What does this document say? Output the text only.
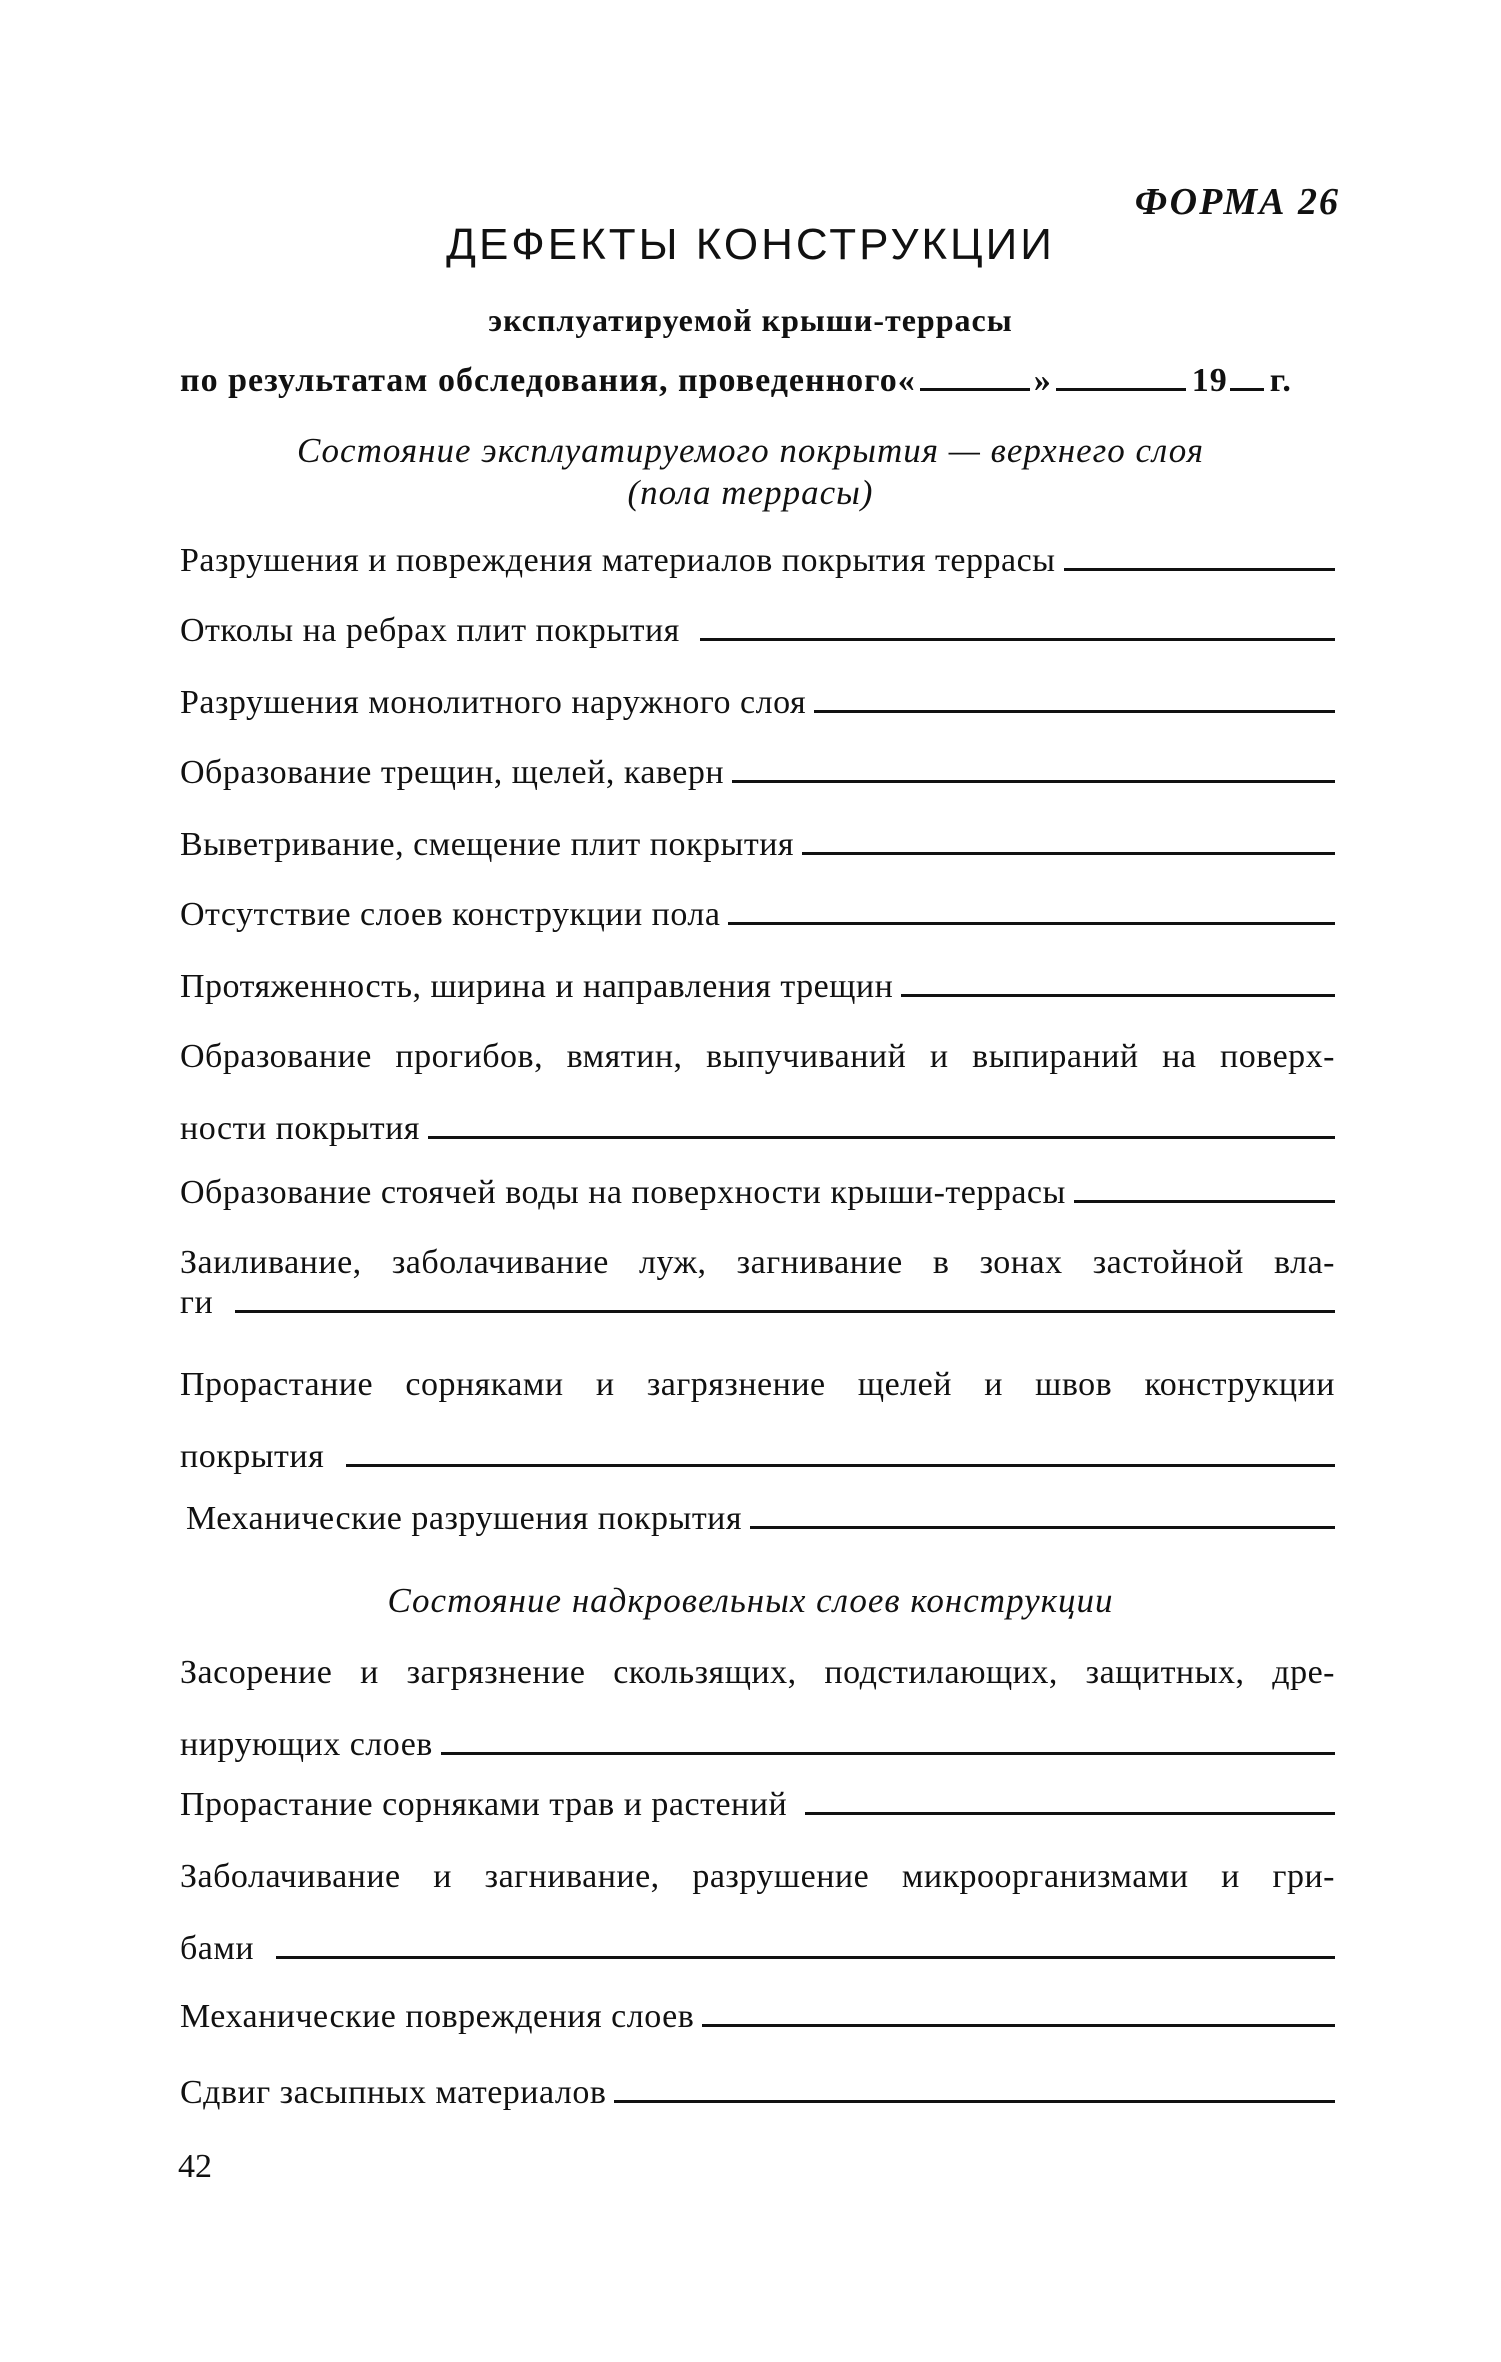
ФОРМА 26
ДЕФЕКТЫ КОНСТРУКЦИИ
эксплуатируемой крыши-террасы
по результатам обследования, проведенного «	»	19 г.
Состояние эксплуатируемого покрытия — верхнего слоя
(пола террасы)
Разрушения и повреждения материалов покрытия террасы
Отколы на ребрах плит покрытия
Разрушения монолитного наружного слоя
Образование трещин, щелей, каверн
Выветривание, смещение плит покрытия
Отсутствие слоев конструкции пола
Протяженность, ширина и направления трещин
Образование прогибов, вмятин, выпучиваний и выпираний на поверх-
ности покрытия
Образование стоячей воды на поверхности крыши-террасы
Заиливание, заболачивание луж, загнивание в зонах застойной вла-
ги
Прорастание сорняками и загрязнение щелей и швов конструкции
покрытия
Механические разрушения покрытия
Состояние надкровельных слоев конструкции
Засорение и загрязнение скользящих, подстилающих, защитных, дре-
нирующих слоев
Прорастание сорняками трав и растений
Заболачивание и загнивание, разрушение микроорганизмами и гри-
бами
Механические повреждения слоев
Сдвиг засыпных материалов
42
